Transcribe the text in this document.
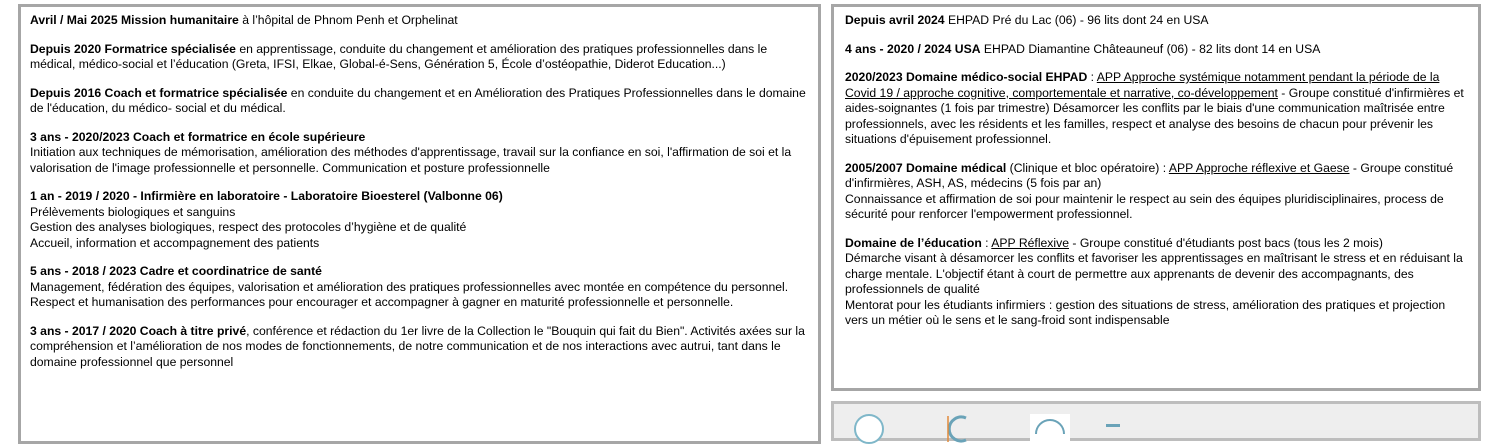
Avril / Mai 2025 Mission humanitaire à l’hôpital de Phnom Penh et Orphelinat
Depuis 2020 Formatrice spécialisée en apprentissage, conduite du changement et amélioration des pratiques professionnelles dans le médical, médico-social et l’éducation (Greta, IFSI, Elkae, Global-é-Sens, Génération 5, École d’ostéopathie, Diderot Education...)
Depuis 2016 Coach et formatrice spécialisée en conduite du changement et en Amélioration des Pratiques Professionnelles dans le domaine de l'éducation, du médico- social et du médical.
3 ans - 2020/2023 Coach et formatrice en école supérieure
Initiation aux techniques de mémorisation, amélioration des méthodes d'apprentissage, travail sur la confiance en soi, l'affirmation de soi et la valorisation de l'image professionnelle et personnelle. Communication et posture professionnelle
1 an - 2019 / 2020 - Infirmière en laboratoire - Laboratoire Bioesterel (Valbonne 06)
Prélèvements biologiques et sanguins
Gestion des analyses biologiques, respect des protocoles d’hygiène et de qualité
Accueil, information et accompagnement des patients
5 ans - 2018 / 2023 Cadre et coordinatrice de santé
Management, fédération des équipes, valorisation et amélioration des pratiques professionnelles avec montée en compétence du personnel. Respect et humanisation des performances pour encourager et accompagner à gagner en maturité professionnelle et personnelle.
3 ans - 2017 / 2020 Coach à titre privé, conférence et rédaction du 1er livre de la Collection le "Bouquin qui fait du Bien". Activités axées sur la compréhension et l’amélioration de nos modes de fonctionnements, de notre communication et de nos interactions avec autrui, tant dans le domaine professionnel que personnel
Depuis avril 2024 EHPAD Pré du Lac (06) - 96 lits dont 24 en USA
4 ans - 2020 / 2024 USA EHPAD Diamantine Châteauneuf (06) - 82 lits dont 14 en USA
2020/2023 Domaine médico-social EHPAD : APP Approche systémique notamment pendant la période de la Covid 19 / approche cognitive, comportementale et narrative, co-développement - Groupe constitué d'infirmières et aides-soignantes (1 fois par trimestre) Désamorcer les conflits par le biais d'une communication maîtrisée entre professionnels, avec les résidents et les familles, respect et analyse des besoins de chacun pour prévenir les situations d'épuisement professionnel.
2005/2007 Domaine médical (Clinique et bloc opératoire) : APP Approche réflexive et Gaese - Groupe constitué d'infirmières, ASH, AS, médecins (5 fois par an)
Connaissance et affirmation de soi pour maintenir le respect au sein des équipes pluridisciplinaires, process de sécurité pour renforcer l'empowerment professionnel.
Domaine de l’éducation : APP Réflexive - Groupe constitué d'étudiants post bacs (tous les 2 mois)
Démarche visant à désamorcer les conflits et favoriser les apprentissages en maîtrisant le stress et en réduisant la charge mentale. L'objectif étant à court de permettre aux apprenants de devenir des accompagnants, des professionnels de qualité
Mentorat pour les étudiants infirmiers : gestion des situations de stress, amélioration des pratiques et projection vers un métier où le sens et le sang-froid sont indispensable
